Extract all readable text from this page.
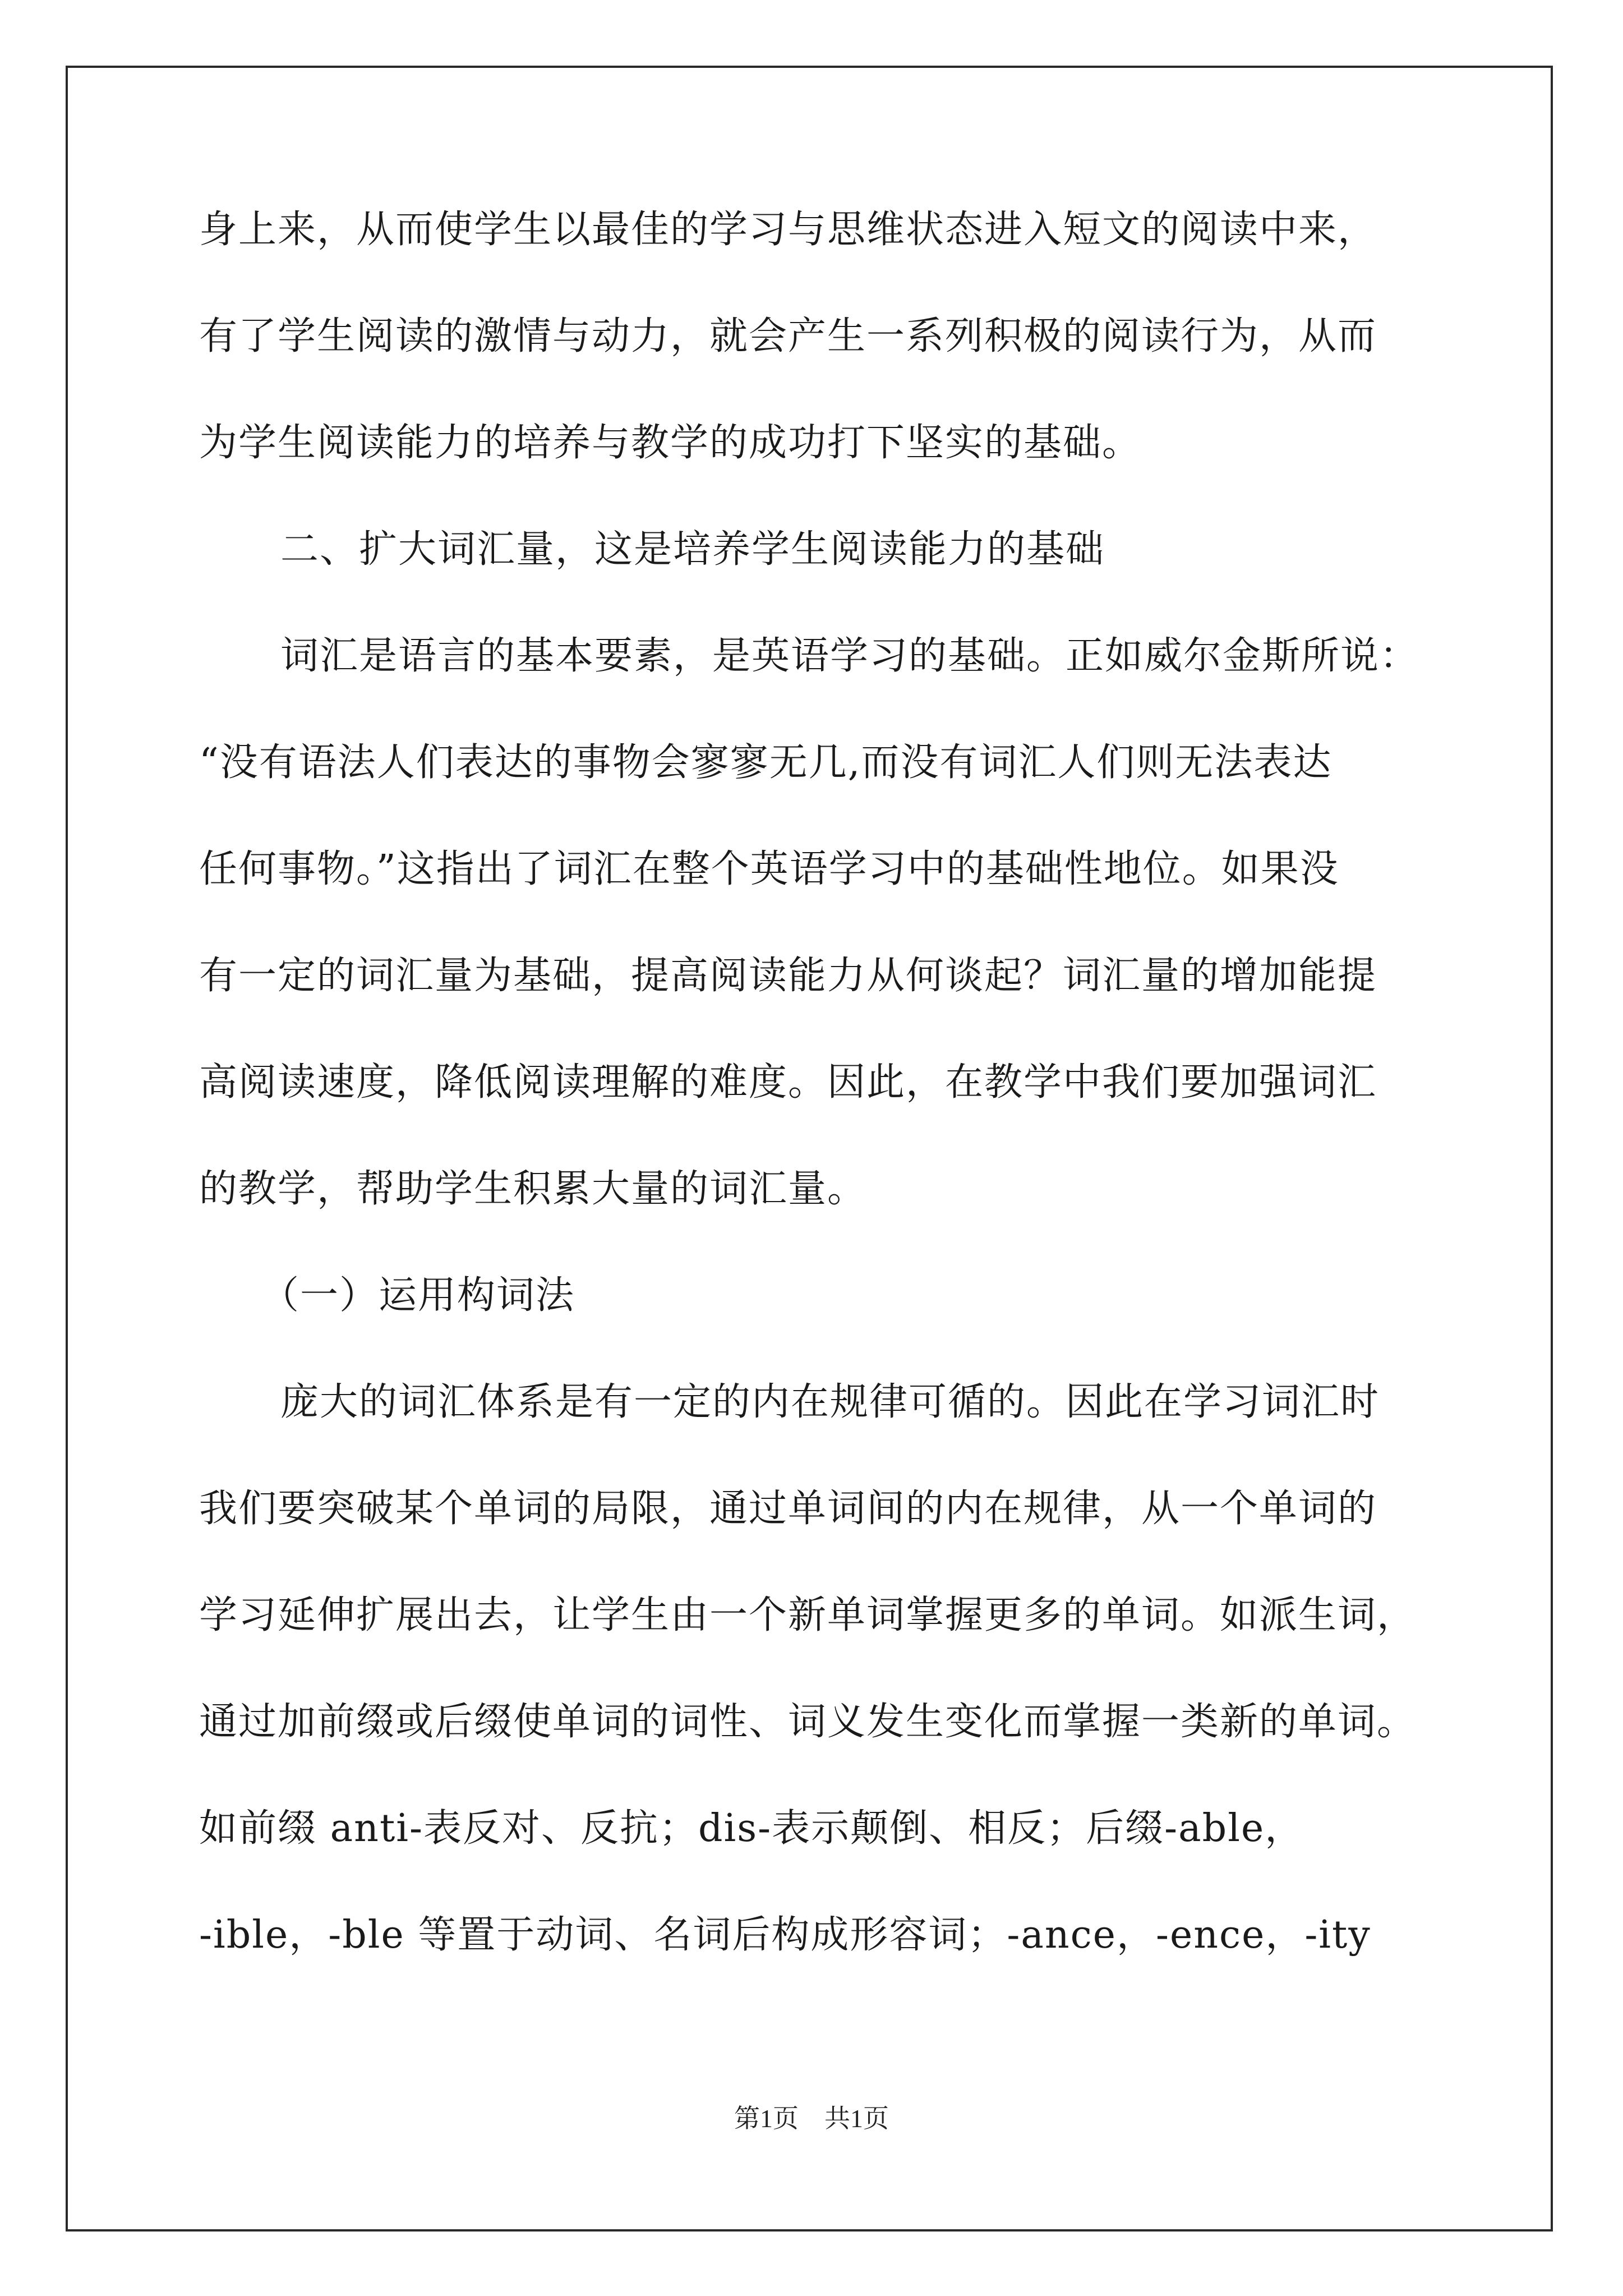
身上来，从而使学生以最佳的学习与思维状态进入短文的阅读中来，
有了学生阅读的激情与动力，就会产生一系列积极的阅读行为，从而
为学生阅读能力的培养与教学的成功打下坚实的基础。
二、扩大词汇量，这是培养学生阅读能力的基础
词汇是语言的基本要素，是英语学习的基础。正如威尔金斯所说：
“没有语法人们表达的事物会寥寥无几,而没有词汇人们则无法表达
任何事物。”这指出了词汇在整个英语学习中的基础性地位。如果没
有一定的词汇量为基础，提高阅读能力从何谈起？词汇量的增加能提
高阅读速度，降低阅读理解的难度。因此，在教学中我们要加强词汇
的教学，帮助学生积累大量的词汇量。
（一）运用构词法
庞大的词汇体系是有一定的内在规律可循的。因此在学习词汇时
我们要突破某个单词的局限，通过单词间的内在规律，从一个单词的
学习延伸扩展出去，让学生由一个新单词掌握更多的单词。如派生词，
通过加前缀或后缀使单词的词性、词义发生变化而掌握一类新的单词。
如前缀 anti-表反对、反抗；dis-表示颠倒、相反；后缀-able，
-ible，-ble 等置于动词、名词后构成形容词；-ance，-ence，-ity
第1页　共1页
